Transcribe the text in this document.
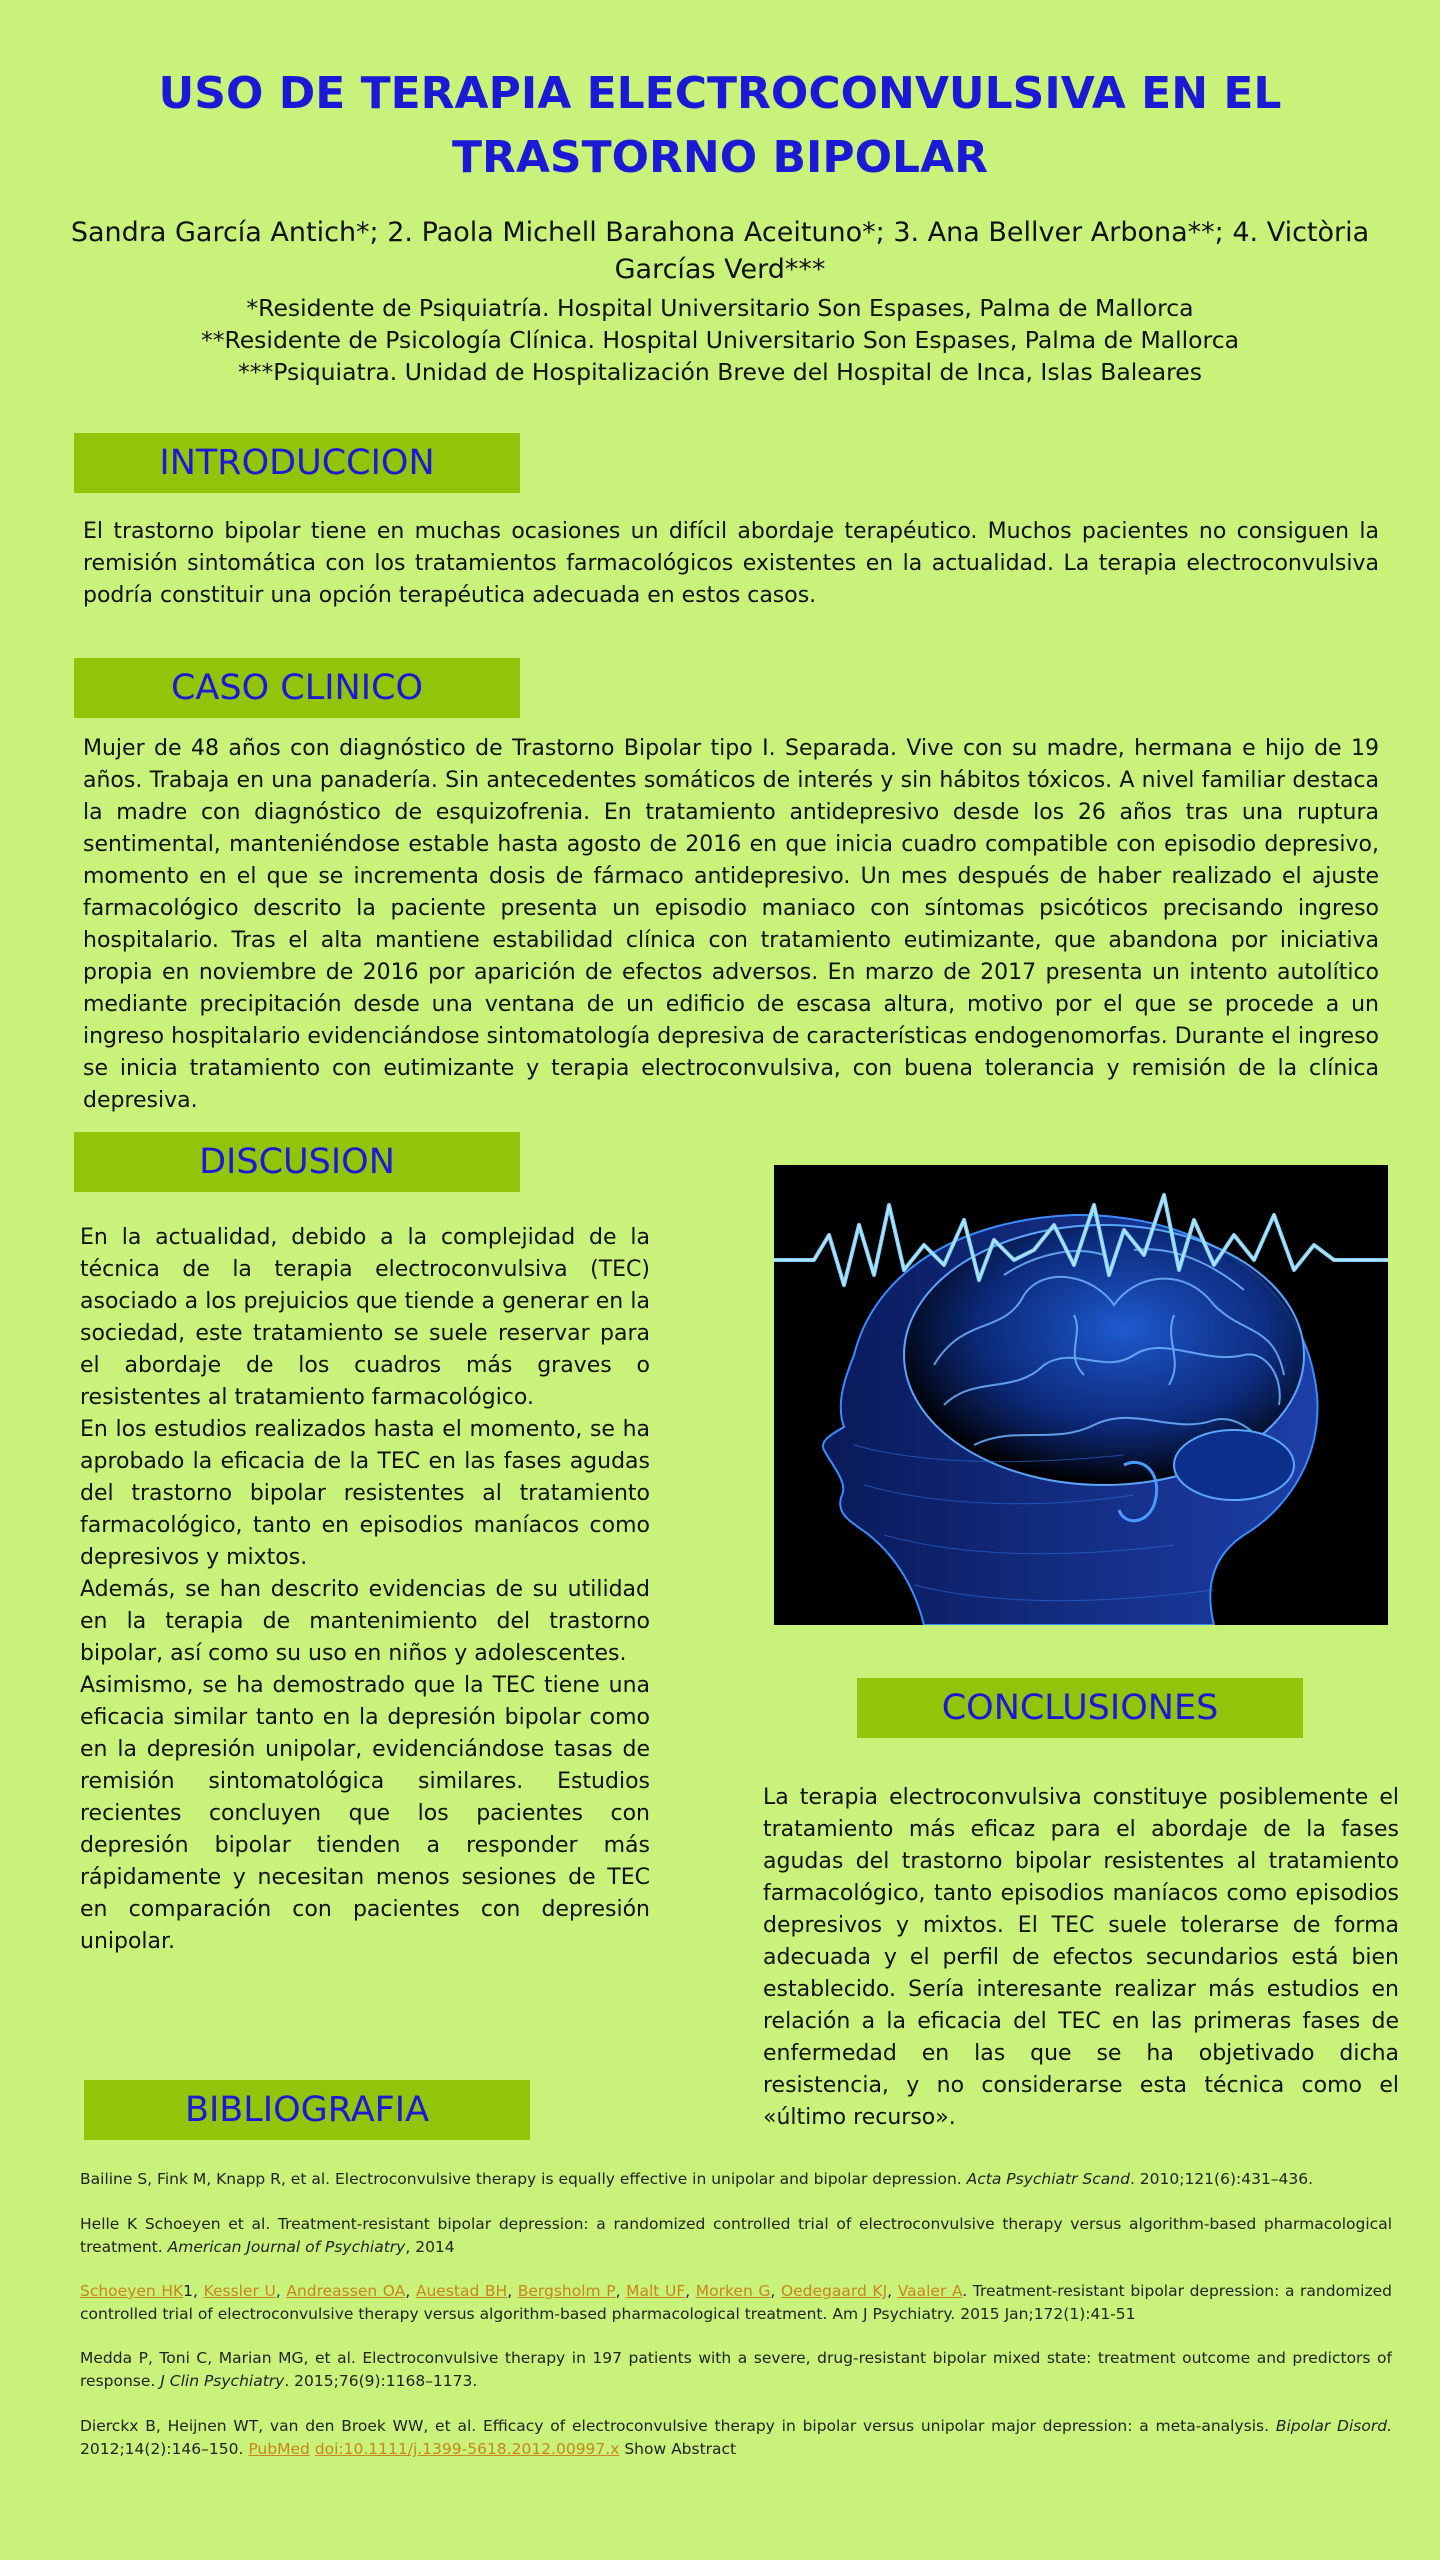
USO DE TERAPIA ELECTROCONVULSIVA EN EL
TRASTORNO BIPOLAR
Sandra García Antich*; 2. Paola Michell Barahona Aceituno*; 3. Ana Bellver Arbona**; 4. Victòria Garcías Verd***
*Residente de Psiquiatría. Hospital Universitario Son Espases, Palma de Mallorca
**Residente de Psicología Clínica. Hospital Universitario Son Espases, Palma de Mallorca
***Psiquiatra. Unidad de Hospitalización Breve del Hospital de Inca, Islas Baleares
INTRODUCCION
El trastorno bipolar tiene en muchas ocasiones un difícil abordaje terapéutico. Muchos pacientes no consiguen la remisión sintomática con los tratamientos farmacológicos existentes en la actualidad. La terapia electroconvulsiva podría constituir una opción terapéutica adecuada en estos casos.
CASO CLINICO
Mujer de 48 años con diagnóstico de Trastorno Bipolar tipo I. Separada. Vive con su madre, hermana e hijo de 19 años. Trabaja en una panadería. Sin antecedentes somáticos de interés y sin hábitos tóxicos. A nivel familiar destaca la madre con diagnóstico de esquizofrenia. En tratamiento antidepresivo desde los 26 años tras una ruptura sentimental, manteniéndose estable hasta agosto de 2016 en que inicia cuadro compatible con episodio depresivo, momento en el que se incrementa dosis de fármaco antidepresivo. Un mes después de haber realizado el ajuste farmacológico descrito la paciente presenta un episodio maniaco con síntomas psicóticos precisando ingreso hospitalario. Tras el alta mantiene estabilidad clínica con tratamiento eutimizante, que abandona por iniciativa propia en noviembre de 2016 por aparición de efectos adversos. En marzo de 2017 presenta un intento autolítico mediante precipitación desde una ventana de un edificio de escasa altura, motivo por el que se procede a un ingreso hospitalario evidenciándose sintomatología depresiva de características endogenomorfas. Durante el ingreso se inicia tratamiento con eutimizante y terapia electroconvulsiva, con buena tolerancia y remisión de la clínica depresiva.
DISCUSION

En la actualidad, debido a la complejidad de la técnica de la terapia electroconvulsiva (TEC) asociado a los prejuicios que tiende a generar en la sociedad, este tratamiento se suele reservar para el abordaje de los cuadros más graves o resistentes al tratamiento farmacológico.

En los estudios realizados hasta el momento, se ha aprobado la eficacia de la TEC en las fases agudas del trastorno bipolar resistentes al tratamiento farmacológico, tanto en episodios maníacos como depresivos y mixtos.

Además, se han descrito evidencias de su utilidad en la terapia de mantenimiento del trastorno bipolar, así como su uso en niños y adolescentes.

Asimismo, se ha demostrado que la TEC tiene una eficacia similar tanto en la depresión bipolar como en la depresión unipolar, evidenciándose tasas de remisión sintomatológica similares. Estudios recientes concluyen que los pacientes con depresión bipolar tienden a responder más rápidamente y necesitan menos sesiones de TEC en comparación con pacientes con depresión unipolar.

CONCLUSIONES
La terapia electroconvulsiva constituye posiblemente el tratamiento más eficaz para el abordaje de la fases agudas del trastorno bipolar resistentes al tratamiento farmacológico, tanto episodios maníacos como episodios depresivos y mixtos. El TEC suele tolerarse de forma adecuada y el perfil de efectos secundarios está bien establecido. Sería interesante realizar más estudios en relación a la eficacia del TEC en las primeras fases de enfermedad en las que se ha objetivado dicha resistencia, y no considerarse esta técnica como el «último recurso».
BIBLIOGRAFIA
Bailine S, Fink M, Knapp R, et al. Electroconvulsive therapy is equally effective in unipolar and bipolar depression. Acta Psychiatr Scand. 2010;121(6):431–436.
Helle K Schoeyen et al. Treatment-resistant bipolar depression: a randomized controlled trial of electroconvulsive therapy versus algorithm-based pharmacological treatment. American Journal of Psychiatry, 2014
Schoeyen HK1, Kessler U, Andreassen OA, Auestad BH, Bergsholm P, Malt UF, Morken G, Oedegaard KJ, Vaaler A. Treatment-resistant bipolar depression: a randomized controlled trial of electroconvulsive therapy versus algorithm-based pharmacological treatment. Am J Psychiatry. 2015 Jan;172(1):41-51
Medda P, Toni C, Marian MG, et al. Electroconvulsive therapy in 197 patients with a severe, drug-resistant bipolar mixed state: treatment outcome and predictors of response. J Clin Psychiatry. 2015;76(9):1168–1173.
Dierckx B, Heijnen WT, van den Broek WW, et al. Efficacy of electroconvulsive therapy in bipolar versus unipolar major depression: a meta-analysis. Bipolar Disord. 2012;14(2):146–150. PubMed doi:10.1111/j.1399-5618.2012.00997.x Show Abstract
